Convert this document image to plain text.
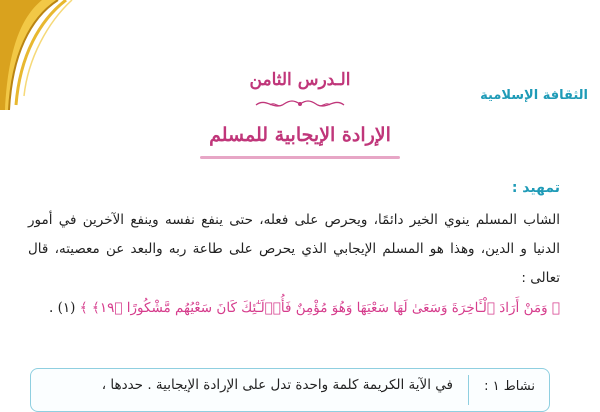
الثقافة الإسلامية
الـدرس الثامن
الإرادة الإيجابية للمسلم
تمهيد :

الشاب المسلم ينوي الخير دائمًا، ويحرص على فعله، حتى ينفع نفسه وينفع الآخرين في أمور الدنيا و الدين، وهذا هو المسلم الإيجابي الذي يحرص على طاعة ربه والبعد عن معصيته، قال تعالى :

﴿ وَمَنْ أَرَادَ ٱلْـَٔاخِرَةَ وَسَعَىٰ لَهَا سَعْيَهَا وَهُوَ مُؤْمِنٌ فَأُو۟لَـٰٓئِكَ كَانَ سَعْيُهُم مَّشْكُورًا ﴿١٩﴾ ﴾ (١) .

نشاط ١ :
في الآية الكريمة كلمة واحدة تدل على الإرادة الإيجابية . حددها ،
